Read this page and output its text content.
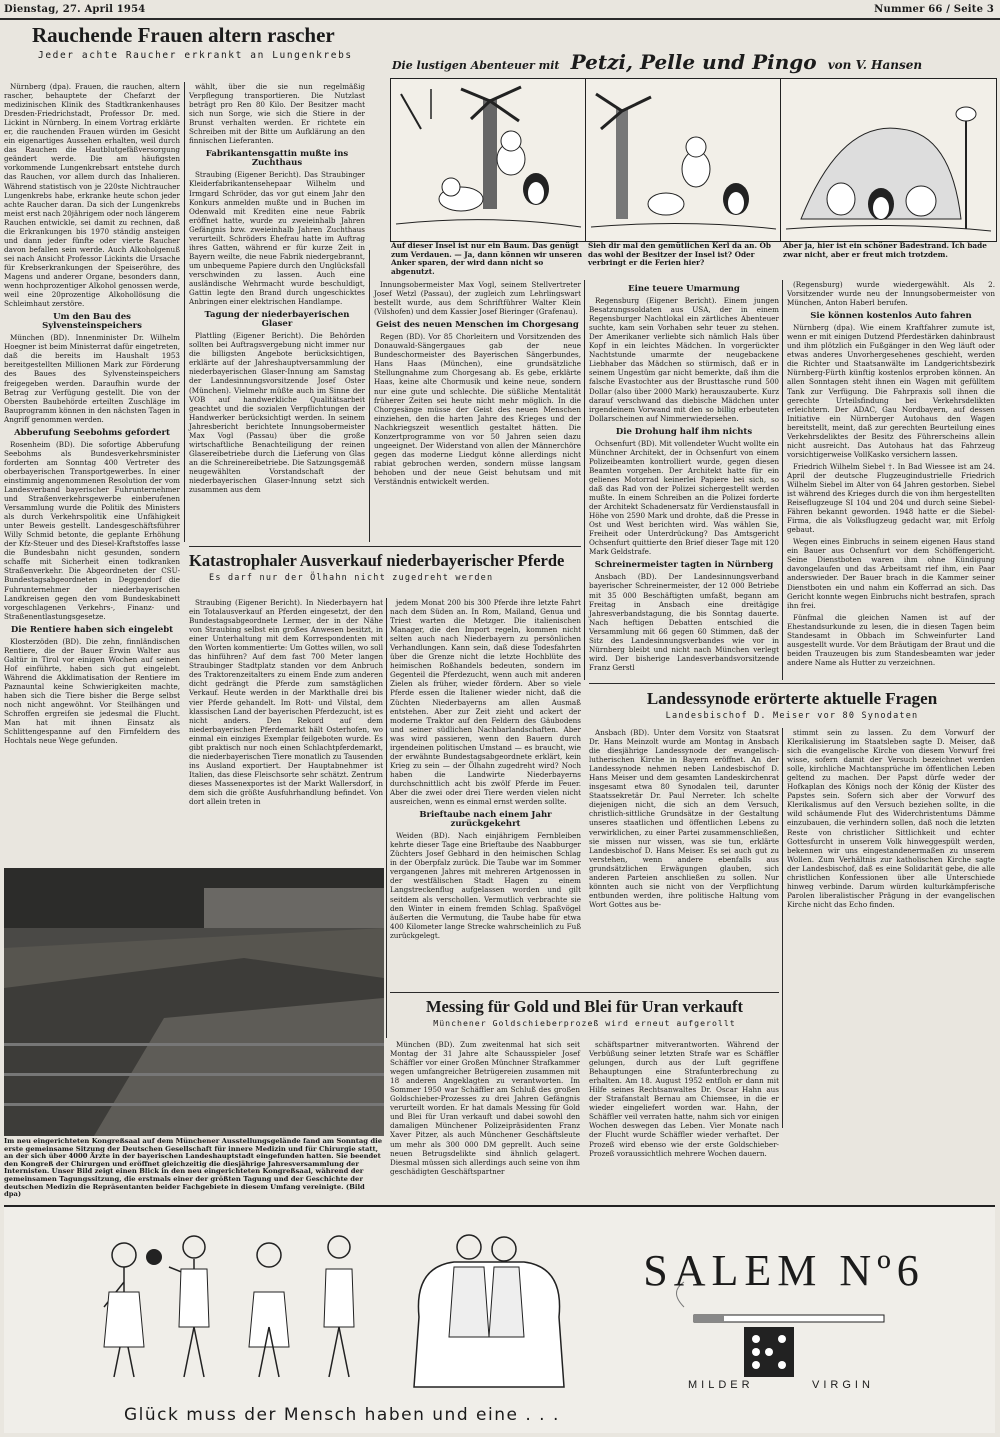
Dienstag, 27. April 1954	Nummer 66 / Seite 3
Rauchende Frauen altern rascher
Jeder achte Raucher erkrankt an Lungenkrebs

Nürnberg (dpa). Frauen, die rauchen, altern rascher, behauptete der Chefarzt der medizinischen Klinik des Stadtkrankenhauses Dresden-Friedrichstadt, Professor Dr. med. Lickint in Nürnberg. In einem Vortrag erklärte er, die rauchenden Frauen würden im Gesicht ein eigenartiges Aussehen erhalten, weil durch das Rauchen die Hautblutgefäßversorgung geändert werde. Die am häufigsten vorkommende Lungenkrebsart entstehe durch das Rauchen, vor allem durch das Inhalieren. Während statistisch von je 220ste Nichtraucher Lungenkrebs habe, erkranke heute schon jeder achte Raucher daran. Da sich der Lungenkrebs meist erst nach 20jährigem oder noch längerem Rauchen entwickle, sei damit zu rechnen, daß die Erkrankungen bis 1970 ständig ansteigen und dann jeder fünfte oder vierte Raucher davon befallen sein werde. Auch Alkoholgenuß sei nach Ansicht Professor Lickints die Ursache für Krebserkrankungen der Speiseröhre, des Magens und anderer Organe, besonders dann, wenn hochprozentiger Alkohol genossen werde, weil eine 20prozentige Alkohollösung die Schleimhaut zerstöre.

Um den Bau des Sylvensteinspeichers

München (BD). Innenminister Dr. Wilhelm Hoegner ist beim Ministerrat dafür eingetreten, daß die bereits im Haushalt 1953 bereitgestellten Millionen Mark zur Förderung des Baues des Sylvensteinspeichers freigegeben werden. Daraufhin wurde der Betrag zur Verfügung gestellt. Die von der Obersten Baubehörde erteilten Zuschläge im Bauprogramm können in den nächsten Tagen in Angriff genommen werden.

Abberufung Seebohms gefordert

Rosenheim (BD). Die sofortige Abberufung Seebohms als Bundesverkehrsminister forderten am Sonntag 400 Vertreter des oberbayerischen Transportgewerbes. In einer einstimmig angenommenen Resolution der vom Landesverband bayerischer Fuhrunternehmer und Straßenverkehrsgewerbe einberufenen Versammlung wurde die Politik des Ministers als durch Verkehrspolitik eine Unfähigkeit unter Beweis gestellt. Landesgeschäftsführer Willy Schmid betonte, die geplante Erhöhung der Kfz-Steuer und des Diesel-Kraftstoffes lasse die Bundesbahn nicht gesunden, sondern schaffe mit Sicherheit einen todkranken Straßenverkehr. Die Abgeordneten der CSU-Bundestagsabgeordneten in Deggendorf die Fuhrunternehmer der niederbayerischen Landkreisen gegen den vom Bundeskabinett vorgeschlagenen Verkehrs-, Finanz- und Straßenentlastungsgesetze.

Die Rentiere haben sich eingelebt

Klosterzöden (BD). Die zehn, finnländischen Rentiere, die der Bauer Erwin Walter aus Galtür in Tirol vor einigen Wochen auf seinen Hof einführte, haben sich gut eingelebt. Während die Akklimatisation der Rentiere im Paznauntal keine Schwierigkeiten machte, haben sich die Tiere bisher die Berge selbst noch nicht angewöhnt. Vor Steilhängen und Schroffen ergreifen sie jedesmal die Flucht. Man hat mit ihnen Einsatz als Schlittengespanne auf den Firnfeldern des Hochtals neue Wege gefunden.

wählt, über die sie nun regelmäßig Verpflegung transportieren. Die Nutzlast beträgt pro Ren 80 Kilo. Der Besitzer macht sich nun Sorge, wie sich die Stiere in der Brunst verhalten werden. Er richtete ein Schreiben mit der Bitte um Aufklärung an den finnischen Lieferanten.

Fabrikantensgattin mußte ins Zuchthaus

Straubing (Eigener Bericht). Das Straubinger Kleiderfabrikantensehepaar Wilhelm und Irmgard Schröder, das vor gut einem Jahr den Konkurs anmelden mußte und in Buchen im Odenwald mit Krediten eine neue Fabrik eröffnet hatte, wurde zu zweieinhalb Jahren Gefängnis bzw. zweieinhalb Jahren Zuchthaus verurteilt. Schröders Ehefrau hatte im Auftrag ihres Gatten, während er für kurze Zeit in Bayern weilte, die neue Fabrik niedergebrannt, um unbequeme Papiere durch den Unglücksfall verschwinden zu lassen. Auch eine ausländische Wehrmacht wurde beschuldigt, Gattin legte den Brand durch ungeschicktes Anbringen einer elektrischen Handlampe.

Tagung der niederbayerischen Glaser

Plattling (Eigener Bericht). Die Behörden sollten bei Auftragsvergebung nicht immer nur die billigsten Angebote berücksichtigen, erklärte auf der Jahreshauptversammlung der niederbayerischen Glaser-Innung am Samstag der Landesinnungsvorsitzende Josef Oster (München). Vielmehr müßte auch im Sinne der VOB auf handwerkliche Qualitätsarbeit geachtet und die sozialen Verpflichtungen der Handwerker berücksichtigt werden. In seinem Jahresbericht berichtete Innungsobermeister Max Vogl (Passau) über die große wirtschaftliche Benachteiligung der reinen Glasereibetriebe durch die Lieferung von Glas an die Schreinereibetriebe. Die Satzungsgemäß neugewählten Vorstandschaft der niederbayerischen Glaser-Innung setzt sich zusammen aus dem

Die lustigen Abenteuer mit Petzi, Pelle und Pingo von V. Hansen
Auf dieser Insel ist nur ein Baum. Das genügt zum Verdauen. — Ja, dann können wir unseren Anker sparen, der wird dann nicht so abgenutzt.
Sieh dir mal den gemütlichen Kerl da an. Ob das wohl der Besitzer der Insel ist? Oder verbringt er die Ferien hier?
Aber ja, hier ist ein schöner Badestrand. Ich bade zwar nicht, aber er freut mich trotzdem.

Innungsobermeister Max Vogl, seinem Stellvertreter Josef Wetzl (Passau), der zugleich zum Lehrlingswart bestellt wurde, aus dem Schriftführer Walter Klein (Vilshofen) und dem Kassier Josef Bieringer (Grafenau).

Geist des neuen Menschen im Chorgesang

Regen (BD). Vor 85 Chorleitern und Vorsitzenden des Donauwald-Sängergaues gab der neue Bundeschormeister des Bayerischen Sängerbundes, Hans Haas (München), eine grundsätzliche Stellungnahme zum Chorgesang ab. Es gebe, erklärte Haas, keine alte Chormusik und keine neue, sondern nur eine gute und schlechte. Die süßliche Mentalität früherer Zeiten sei heute nicht mehr möglich. In die Chorgesänge müsse der Geist des neuen Menschen einziehen, den die harten Jahre des Krieges und der Nachkriegszeit wesentlich gestaltet hätten. Die Konzertprogramme von vor 50 Jahren seien dazu ungeeignet. Der Widerstand von allen der Männerchöre gegen das moderne Liedgut könne allerdings nicht rabiat gebrochen werden, sondern müsse langsam behoben und der neue Geist behutsam und mit Verständnis entwickelt werden.

Eine teuere Umarmung

Regensburg (Eigener Bericht). Einem jungen Besatzungssoldaten aus USA, der in einem Regensburger Nachtlokal ein zärtliches Abenteuer suchte, kam sein Vorhaben sehr teuer zu stehen. Der Amerikaner verliebte sich nämlich Hals über Kopf in ein leichtes Mädchen. In vorgerückter Nachtstunde umarmte der neugebackene Liebhaber das Mädchen so stürmisch, daß er in seinem Ungestüm gar nicht bemerkte, daß ihm die falsche Evastochter aus der Brusttasche rund 500 Dollar (also über 2000 Mark) herauszauberte. Kurz darauf verschwand das diebische Mädchen unter irgendeinem Vorwand mit den so billig erbeuteten Dollarscheinen auf Nimmerwiedersehen.

Die Drohung half ihm nichts

Ochsenfurt (BD). Mit vollendeter Wucht wollte ein Münchner Architekt, der in Ochsenfurt von einem Polizeibeamten kontrolliert wurde, gegen diesen Beamten vorgehen. Der Architekt hatte für ein gelienes Motorrad keinerlei Papiere bei sich, so daß das Rad von der Polizei sichergestellt werden mußte. In einem Schreiben an die Polizei forderte der Architekt Schadenersatz für Verdienstausfall in Höhe von 2590 Mark und drohte, daß die Presse in Ost und West berichten wird. Was wählen Sie, Freiheit oder Unterdrückung? Das Amtsgericht Ochsenfurt quittierte den Brief dieser Tage mit 120 Mark Geldstrafe.

Schreinermeister tagten in Nürnberg

Ansbach (BD). Der Landesinnungsverband bayerischer Schreinermeister, der 12 000 Betriebe mit 35 000 Beschäftigten umfaßt, begann am Freitag in Ansbach eine dreitägige Jahresverbandstagung, die bis Sonntag dauerte. Nach heftigen Debatten entschied die Versammlung mit 66 gegen 60 Stimmen, daß der Sitz des Landesinnungsverbandes wie vor in Nürnberg bleibt und nicht nach München verlegt wird. Der bisherige Landesverbandsvorsitzende Franz Gerstl

(Regensburg) wurde wiedergewählt. Als 2. Vorsitzender wurde neu der Innungsobermeister von München, Anton Haberl berufen.

Sie können kostenlos Auto fahren

Nürnberg (dpa). Wie einem Kraftfahrer zumute ist, wenn er mit einigen Dutzend Pferdestärken dahinbraust und ihm plötzlich ein Fußgänger in den Weg läuft oder etwas anderes Unvorhergesehenes geschieht, werden die Richter und Staatsanwälte im Landgerichtsbezirk Nürnberg-Fürth künftig kostenlos erproben können. An allen Sonntagen steht ihnen ein Wagen mit gefülltem Tank zur Verfügung. Die Fahrpraxis soll ihnen die gerechte Urteilsfindung bei Verkehrsdelikten erleichtern. Der ADAC, Gau Nordbayern, auf dessen Initiative ein Nürnberger Autohaus den Wagen bereitstellt, meint, daß zur gerechten Beurteilung eines Verkehrsdeliktes der Besitz des Führerscheins allein nicht ausreicht. Das Autohaus hat das Fahrzeug vorsichtigerweise VollKasko versichern lassen.

Friedrich Wilhelm Siebel †. In Bad Wiessee ist am 24. April der deutsche Flugzeugindustrielle Friedrich Wilhelm Siebel im Alter von 64 Jahren gestorben. Siebel ist während des Krieges durch die von ihm hergestellten Reiseflugzeuge SI 104 und 204 und durch seine Siebel-Fähren bekannt geworden. 1948 hatte er die Siebel-Firma, die als Volksflugzeug gedacht war, mit Erfolg gebaut.

Wegen eines Einbruchs in seinem eigenen Haus stand ein Bauer aus Ochsenfurt vor dem Schöffengericht. Seine Dienstboten waren ihm ohne Kündigung davongelaufen und das Arbeitsamt rief ihm, ein Paar anderswieder. Der Bauer brach in die Kammer seiner Dienstboten ein und nahm ein Kofferrad an sich. Das Gericht konnte wegen Einbruchs nicht bestrafen, sprach ihn frei.

Fünfmal die gleichen Namen ist auf der Ehestandsurkunde zu lesen, die in diesen Tagen beim Standesamt in Obbach im Schweinfurter Land ausgestellt wurde. Vor dem Bräutigam der Braut und die beiden Trauzeugen bis zum Standesbeamten war jeder andere Name als Hutter zu verzeichnen.

Katastrophaler Ausverkauf niederbayerischer Pferde
Es darf nur der Ölhahn nicht zugedreht werden

Straubing (Eigener Bericht). In Niederbayern hat ein Totalausverkauf an Pferden eingesetzt, der den Bundestagsabgeordnete Lermer, der in der Nähe von Straubing selbst ein großes Anwesen besitzt, in einer Unterhaltung mit dem Korrespondenten mit den Worten kommentierte: Um Gottes willen, wo soll das hinführen? Auf dem fast 700 Meter langen Straubinger Stadtplatz standen vor dem Anbruch des Traktorenzeitalters zu einem Ende zum anderen dicht gedrängt die Pferde zum samstäglichen Verkauf. Heute werden in der Markthalle drei bis vier Pferde gehandelt. Im Rott- und Vilstal, dem klassischen Land der bayerischen Pferdezucht, ist es nicht anders. Den Rekord auf dem niederbayerischen Pferdemarkt hält Osterhofen, wo einmal ein einziges Exemplar feilgeboten wurde. Es gibt praktisch nur noch einen Schlachtpferdemarkt, die niederbayerischen Tiere monatlich zu Tausenden ins Ausland exportiert. Der Hauptabnehmer ist Italien, das diese Fleischsorte sehr schätzt. Zentrum dieses Massenexportes ist der Markt Wallersdorf, in dem sich die größte Ausfuhrhandlung befindet. Von dort allein treten in

jedem Monat 200 bis 300 Pferde ihre letzte Fahrt nach dem Süden an. In Rom, Mailand, Genua und Triest warten die Metzger. Die italienischen Manager, die den Import regeln, kommen nicht selten auch nach Niederbayern zu persönlichen Verhandlungen. Kann sein, daß diese Todesfahrten über die Grenze nicht die letzte Hochblüte des heimischen Roßhandels bedeuten, sondern im Gegenteil die Pferdezucht, wenn auch mit anderen Zielen als früher, wieder fördern. Aber so viele Pferde essen die Italiener wieder nicht, daß die Züchten Niederbayerns am allen Ausmaß entstehen. Aber zur Zeit zieht und ackert der moderne Traktor auf den Feldern des Gäubodens und seiner südlichen Nachbarlandschaften. Aber was wird passieren, wenn den Bauern durch irgendeinen politischen Umstand — es braucht, wie der erwähnte Bundestagsabgeordnete erklärt, kein Krieg zu sein — der Ölhahn zugedreht wird? Noch haben die Landwirte Niederbayerns durchschnittlich acht bis zwölf Pferde im Feuer. Aber die zwei oder drei Tiere werden vielen nicht ausreichen, wenn es einmal ernst werden sollte.

Brieftaube nach einem Jahr zurückgekehrt

Weiden (BD). Nach einjährigem Fernbleiben kehrte dieser Tage eine Brieftaube des Naabburger Züchters Josef Gebhard in den heimischen Schlag in der Oberpfalz zurück. Die Taube war im Sommer vergangenen Jahres mit mehreren Artgenossen in der westfälischen Stadt Hagen zu einem Langstreckenflug aufgelassen worden und gilt seitdem als verschollen. Vermutlich verbrachte sie den Winter in einem fremden Schlag. Spaßvögel äußerten die Vermutung, die Taube habe für etwa 400 Kilometer lange Strecke wahrscheinlich zu Fuß zurückgelegt.

Landessynode erörterte aktuelle Fragen
Landesbischof D. Meiser vor 80 Synodaten

Ansbach (BD). Unter dem Vorsitz von Staatsrat Dr. Hans Meinzolt wurde am Montag in Ansbach die diesjährige Landessynode der evangelisch-lutherischen Kirche in Bayern eröffnet. An der Landessynode nehmen neben Landesbischof D. Hans Meiser und dem gesamten Landeskirchenrat insgesamt etwa 80 Synodalen teil, darunter Staatssekretär Dr. Paul Nerreter. Ich schelte diejenigen nicht, die sich an dem Versuch, christlich-sittliche Grundsätze in der Gestaltung unseres staatlichen und öffentlichen Lebens zu verwirklichen, zu einer Partei zusammenschließen, sie missen nur wissen, was sie tun, erklärte Landesbischof D. Hans Meiser. Es sei auch gut zu verstehen, wenn andere ebenfalls aus grundsätzlichen Erwägungen glauben, sich anderen Parteien anschließen zu sollen. Nur könnten auch sie nicht von der Verpflichtung entbunden werden, ihre politische Haltung vom Wort Gottes aus be-

stimmt sein zu lassen. Zu dem Vorwurf der Klerikalisierung im Staatsleben sagte D. Meiser, daß sich die evangelische Kirche von diesem Vorwurf frei wisse, sofern damit der Versuch bezeichnet werden solle, kirchliche Machtansprüche im öffentlichen Leben geltend zu machen. Der Papst dürfe weder der Hofkaplan des Königs noch der König der Küster des Papstes sein. Sofern sich aber der Vorwurf des Klerikalismus auf den Versuch beziehen sollte, in die wild schäumende Flut des Widerchristentums Dämme einzubauen, die verhindern sollen, daß noch die letzten Reste von christlicher Sittlichkeit und echter Gottesfurcht in unserem Volk hinweggespült werden, bekennen wir uns eingestandenermaßen zu unserem Wollen. Zum Verhältnis zur katholischen Kirche sagte der Landesbischof, daß es eine Solidarität gebe, die alle christlichen Konfessionen über alle Unterschiede hinweg verbinde. Darum würden kulturkämpferische Parolen liberalistischer Prägung in der evangelischen Kirche nicht das Echo finden.

Messing für Gold und Blei für Uran verkauft
Münchener Goldschieberprozeß wird erneut aufgerollt

München (BD). Zum zweitenmal hat sich seit Montag der 31 Jahre alte Schausspieler Josef Schäffler vor einer Großen Münchner Strafkammer wegen umfangreicher Betrügereien zusammen mit 18 anderen Angeklagten zu verantworten. Im Sommer 1950 war Schäffler am Schluß des großen Goldschieber-Prozesses zu drei Jahren Gefängnis verurteilt worden. Er hat damals Messing für Gold und Blei für Uran verkauft und dabei sowohl den damaligen Münchener Polizeipräsidenten Franz Xaver Pitzer, als auch Münchener Geschäftsleute um mehr als 300 000 DM geprellt. Auch seine neuen Betrugsdelikte sind ähnlich gelagert. Diesmal müssen sich allerdings auch seine von ihm geschädigten Geschäftspartner

schäftspartner mitverantworten. Während der Verbüßung seiner letzten Strafe war es Schäffler gelungen, durch aus der Luft gegriffene Behauptungen eine Strafunterbrechung zu erhalten. Am 18. August 1952 entfloh er dann mit Hilfe seines Rechtsanwaltes Dr. Oscar Hahn aus der Strafanstalt Bernau am Chiemsee, in die er wieder eingeliefert worden war. Hahn, der Schäffler veil verraten hatte, nahm sich vor einigen Wochen deswegen das Leben. Vier Monate nach der Flucht wurde Schäffler wieder verhaftet. Der Prozeß wird ebenso wie der erste Goldschieber-Prozeß voraussichtlich mehrere Wochen dauern.

Im neu eingerichteten Kongreßsaal auf dem Münchener Ausstellungsgelände fand am Sonntag die erste gemeinsame Sitzung der Deutschen Gesellschaft für innere Medizin und für Chirurgie statt, an der sich über 4000 Ärzte in der bayerischen Landeshauptstadt eingefunden hatten. Sie beendet den Kongreß der Chirurgen und eröffnet gleichzeitig die diesjährige Jahresversammlung der Internisten. Unser Bild zeigt einen Blick in den neu eingerichteten Kongreßsaal, während der gemeinsamen Tagungssitzung, die erstmals einer der größten Tagung und der Geschichte der deutschen Medizin die Repräsentanten beider Fachgebiete in diesem Umfang vereinigte. (Bild dpa)
SALEM Nº6
MILDER	VIRGIN
Glück muss der Mensch haben und eine . . .
